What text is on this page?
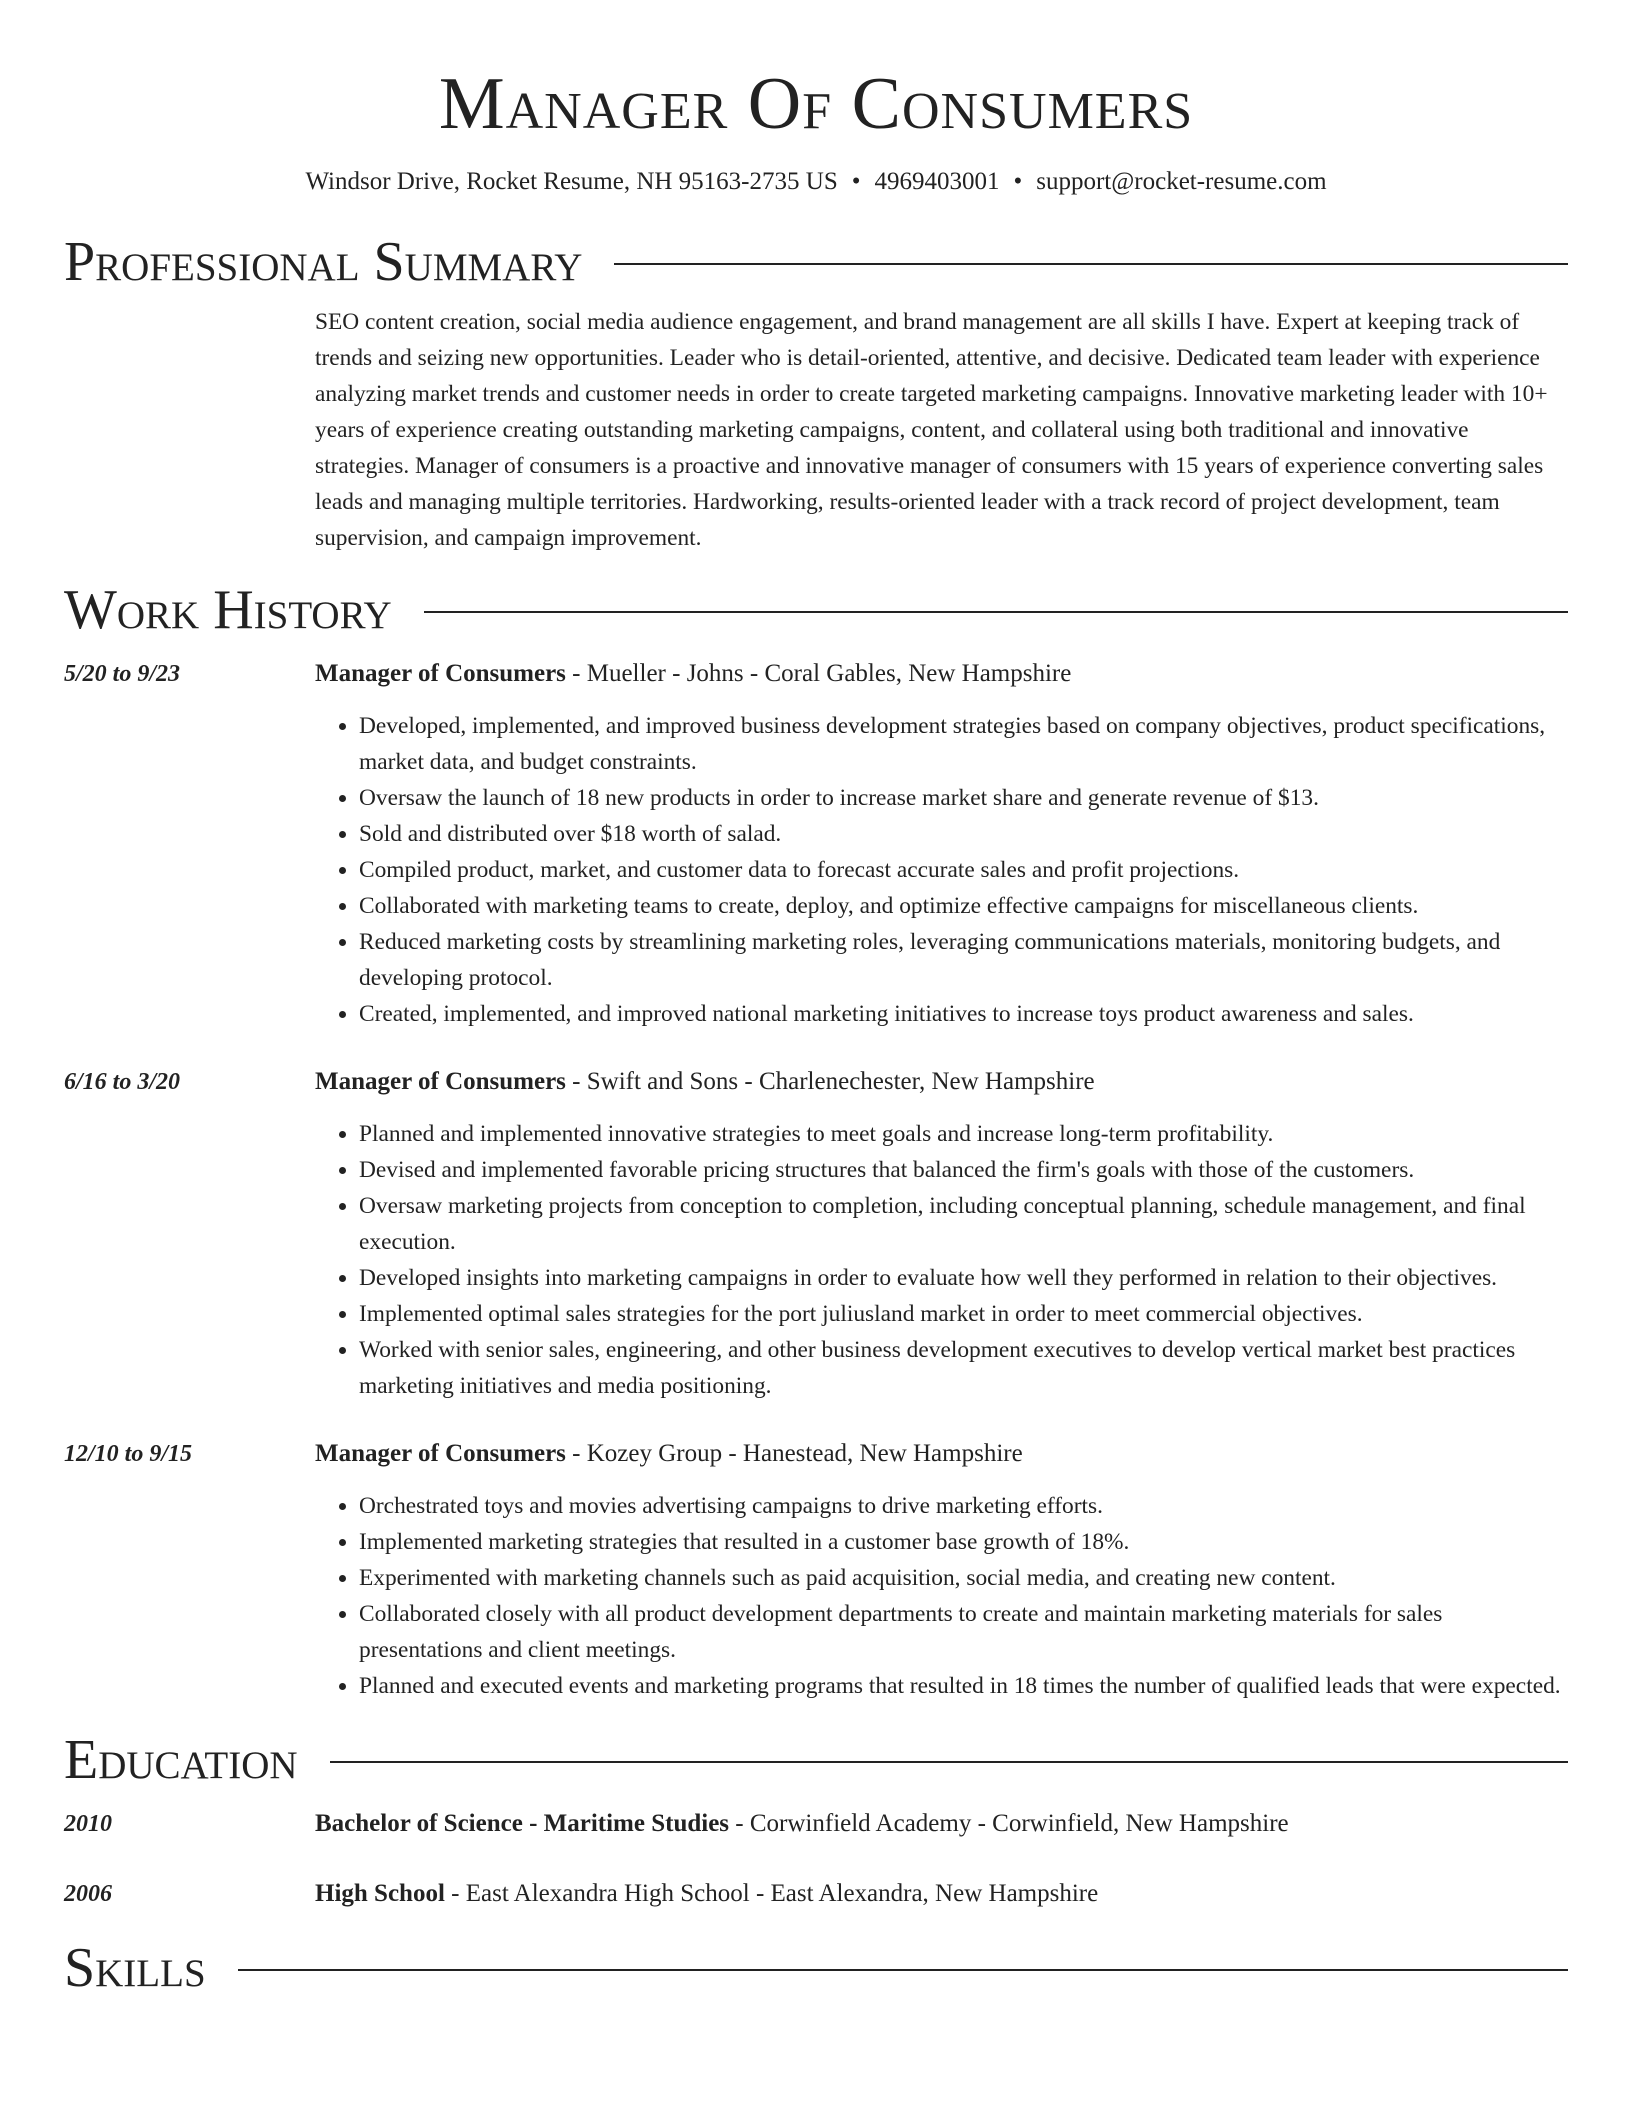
Manager Of Consumers
Windsor Drive, Rocket Resume, NH 95163-2735 US • 4969403001 • support@rocket-resume.com
Professional Summary
SEO content creation, social media audience engagement, and brand management are all skills I have. Expert at keeping track of trends and seizing new opportunities. Leader who is detail-oriented, attentive, and decisive. Dedicated team leader with experience analyzing market trends and customer needs in order to create targeted marketing campaigns. Innovative marketing leader with 10+ years of experience creating outstanding marketing campaigns, content, and collateral using both traditional and innovative strategies. Manager of consumers is a proactive and innovative manager of consumers with 15 years of experience converting sales leads and managing multiple territories. Hardworking, results-oriented leader with a track record of project development, team supervision, and campaign improvement.
Work History
5/20 to 9/23	Manager of Consumers - Mueller - Johns - Coral Gables, New Hampshire
• Developed, implemented, and improved business development strategies based on company objectives, product specifications, market data, and budget constraints.
• Oversaw the launch of 18 new products in order to increase market share and generate revenue of $13.
• Sold and distributed over $18 worth of salad.
• Compiled product, market, and customer data to forecast accurate sales and profit projections.
• Collaborated with marketing teams to create, deploy, and optimize effective campaigns for miscellaneous clients.
• Reduced marketing costs by streamlining marketing roles, leveraging communications materials, monitoring budgets, and developing protocol.
• Created, implemented, and improved national marketing initiatives to increase toys product awareness and sales.
6/16 to 3/20	Manager of Consumers - Swift and Sons - Charlenechester, New Hampshire
• Planned and implemented innovative strategies to meet goals and increase long-term profitability.
• Devised and implemented favorable pricing structures that balanced the firm's goals with those of the customers.
• Oversaw marketing projects from conception to completion, including conceptual planning, schedule management, and final execution.
• Developed insights into marketing campaigns in order to evaluate how well they performed in relation to their objectives.
• Implemented optimal sales strategies for the port juliusland market in order to meet commercial objectives.
• Worked with senior sales, engineering, and other business development executives to develop vertical market best practices marketing initiatives and media positioning.
12/10 to 9/15	Manager of Consumers - Kozey Group - Hanestead, New Hampshire
• Orchestrated toys and movies advertising campaigns to drive marketing efforts.
• Implemented marketing strategies that resulted in a customer base growth of 18%.
• Experimented with marketing channels such as paid acquisition, social media, and creating new content.
• Collaborated closely with all product development departments to create and maintain marketing materials for sales presentations and client meetings.
• Planned and executed events and marketing programs that resulted in 18 times the number of qualified leads that were expected.
Education
2010	Bachelor of Science - Maritime Studies - Corwinfield Academy - Corwinfield, New Hampshire
2006	High School - East Alexandra High School - East Alexandra, New Hampshire
Skills
